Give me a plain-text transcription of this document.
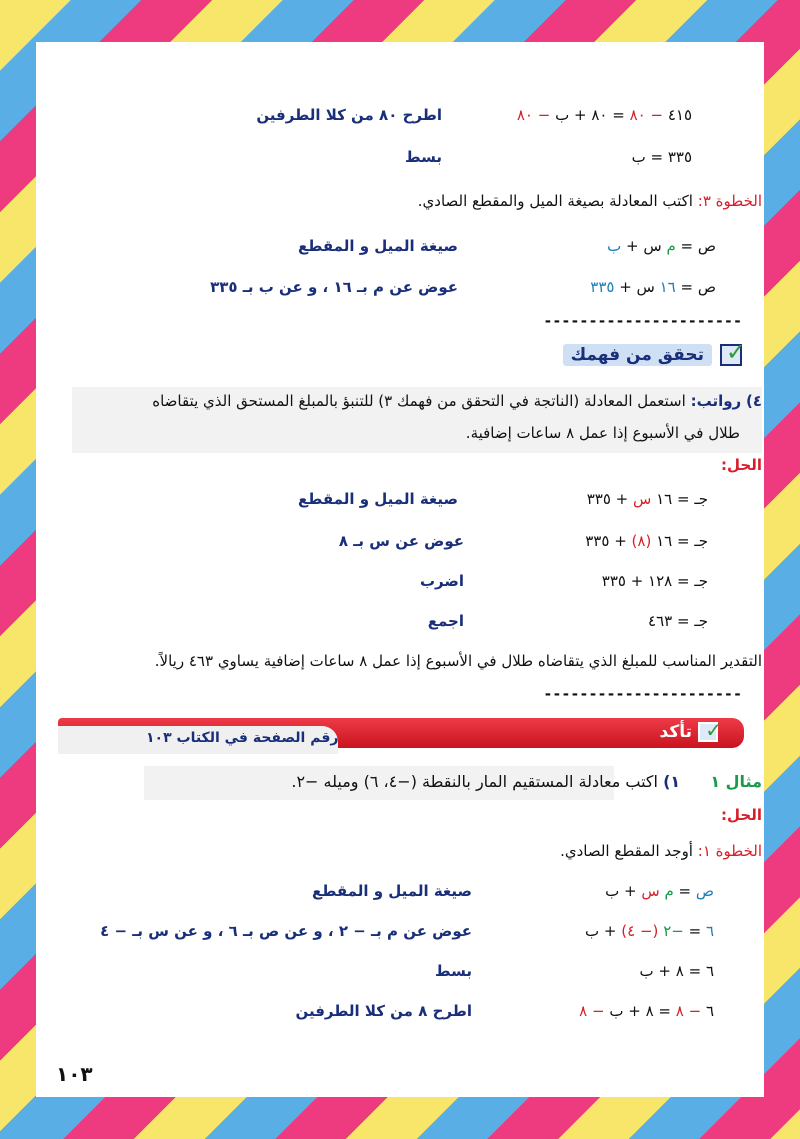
٤١٥ − ٨٠ = ٨٠ + ب − ٨٠
اطرح ٨٠ من كلا الطرفين
٣٣٥ = ب
بسط
الخطوة ٣: اكتب المعادلة بصيغة الميل والمقطع الصادي.
ص = م س + ب
صيغة الميل و المقطع
ص = ١٦ س + ٣٣٥
عوض عن م بـ ١٦ ، و عن ب بـ ٣٣٥
----------------------
✓
تحقق من فهمك
٤) رواتب: استعمل المعادلة (الناتجة في التحقق من فهمك ٣) للتنبؤ بالمبلغ المستحق الذي يتقاضاه
طلال في الأسبوع إذا عمل ٨ ساعات إضافية.
الحل:
جـ = ١٦ س + ٣٣٥
صيغة الميل و المقطع
جـ = ١٦ (٨) + ٣٣٥
عوض عن س بـ ٨
جـ = ١٢٨ + ٣٣٥
اضرب
جـ = ٤٦٣
اجمع
التقدير المناسب للمبلغ الذي يتقاضاه طلال في الأسبوع إذا عمل ٨ ساعات إضافية يساوي ٤٦٣ ريالاً.
----------------------
رقم الصفحة في الكتاب ١٠٣	✓
تأكد
مثال ١  ١) اكتب معادلة المستقيم المار بالنقطة (−٤، ٦) وميله −٢.
الحل:
الخطوة ١: أوجد المقطع الصادي.
ص = م س + ب
صيغة الميل و المقطع
٦ = −٢ (− ٤) + ب
عوض عن م بـ − ٢ ، و عن ص بـ ٦ ، و عن س بـ − ٤
٦ = ٨ + ب
بسط
٦ − ٨ = ٨ + ب − ٨
اطرح ٨ من كلا الطرفين
١٠٣
